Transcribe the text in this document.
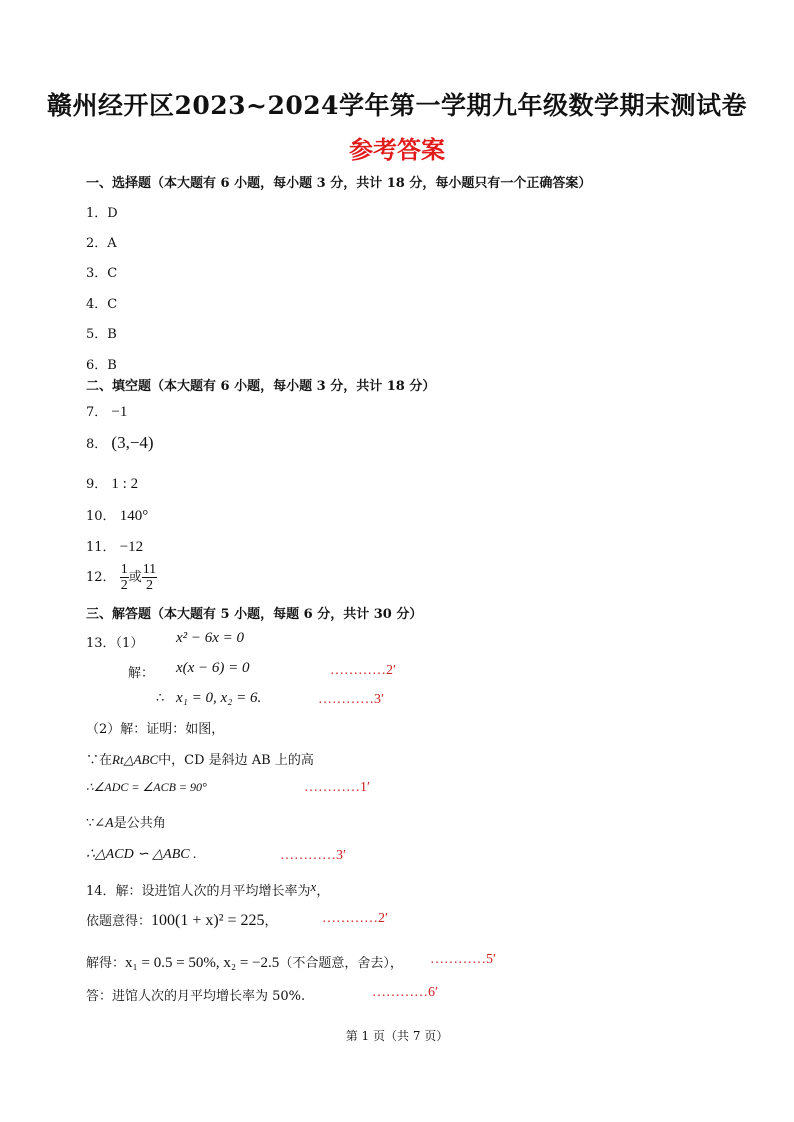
赣州经开区2023~2024学年第一学期九年级数学期末测试卷
参考答案
一、选择题（本大题有 6 小题，每小题 3 分，共计 18 分，每小题只有一个正确答案）
1．D
2．A
3．C
4．C
5．B
6．B
二、填空题（本大题有 6 小题，每小题 3 分，共计 18 分）
7． −1
8． (3,−4)
9． 1 : 2
10． 140°
11． −12
12． $\frac{1}{2}$ 或 $\frac{11}{2}$
三、解答题（本大题有 5 小题，每题 6 分，共计 30 分）
13．（1） x² − 6x = 0
解： x(x − 6) = 0	…………2′
∴ x₁ = 0, x₂ = 6.	…………3′
（2）解：证明：如图，
∵在Rt△ABC中，CD 是斜边 AB 上的高
∴∠ADC = ∠ACB = 90°	…………1′
∵∠A是公共角
∴△ACD ∽ △ABC .	…………3′
14．解：设进馆人次的月平均增长率为x，
依题意得：100(1 + x)² = 225，	…………2′
解得：x₁ = 0.5 = 50%, x₂ = −2.5（不合题意，舍去）， …………5′
答：进馆人次的月平均增长率为 50%.	…………6′
第 1 页（共 7 页）
